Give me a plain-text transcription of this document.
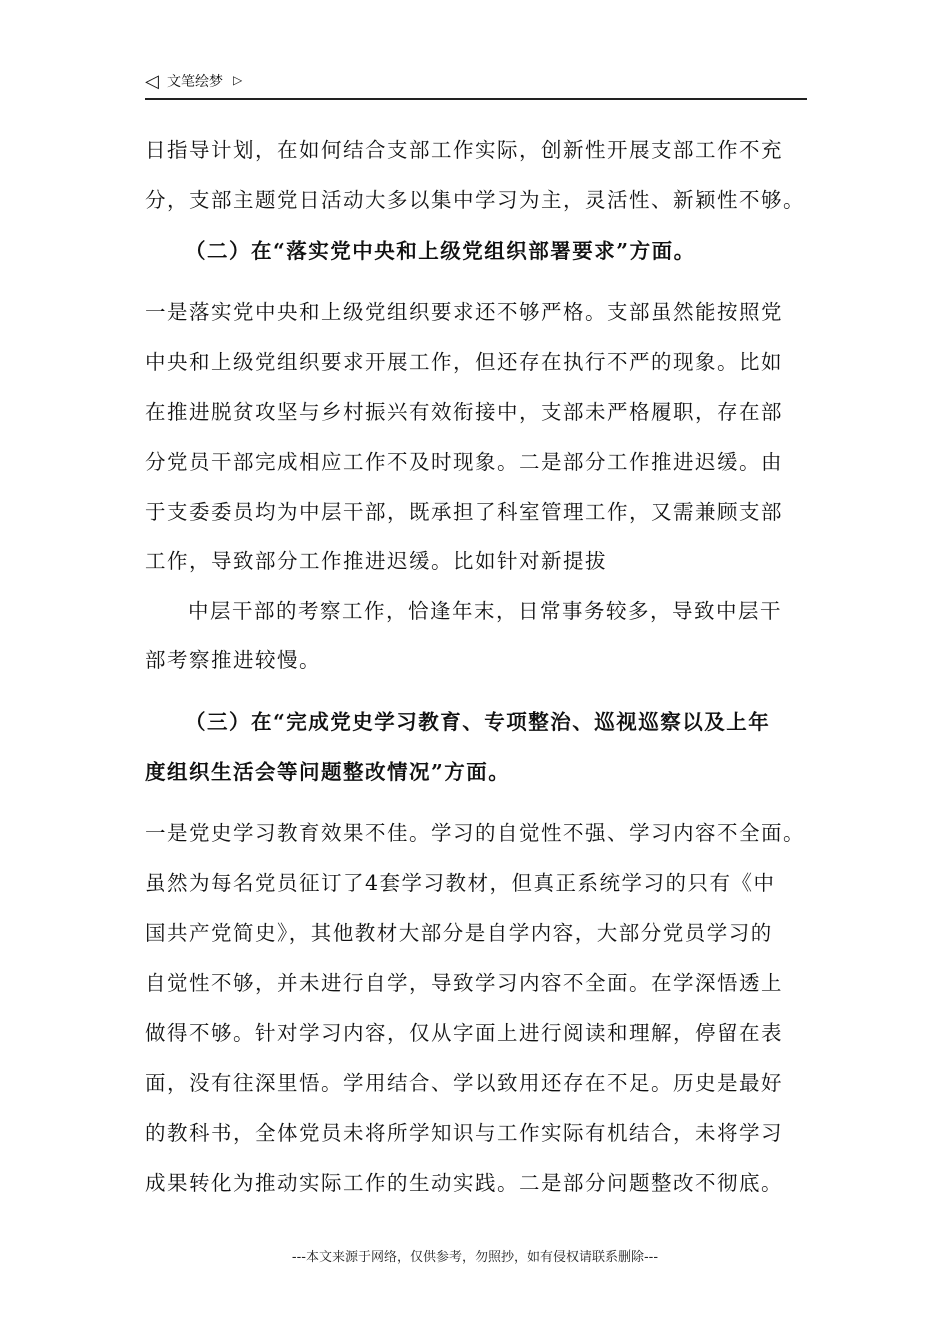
◁ 文笔绘梦 ▷
日指导计划，在如何结合支部工作实际，创新性开展支部工作不充
分，支部主题党日活动大多以集中学习为主，灵活性、新颖性不够。
（二）在“落实党中央和上级党组织部署要求”方面。
一是落实党中央和上级党组织要求还不够严格。支部虽然能按照党
中央和上级党组织要求开展工作，但还存在执行不严的现象。比如
在推进脱贫攻坚与乡村振兴有效衔接中，支部未严格履职，存在部
分党员干部完成相应工作不及时现象。二是部分工作推进迟缓。由
于支委委员均为中层干部，既承担了科室管理工作，又需兼顾支部
工作，导致部分工作推进迟缓。比如针对新提拔
中层干部的考察工作，恰逢年末，日常事务较多，导致中层干
部考察推进较慢。
（三）在“完成党史学习教育、专项整治、巡视巡察以及上年
度组织生活会等问题整改情况”方面。
一是党史学习教育效果不佳。学习的自觉性不强、学习内容不全面。
虽然为每名党员征订了4套学习教材，但真正系统学习的只有《中
国共产党简史》，其他教材大部分是自学内容，大部分党员学习的
自觉性不够，并未进行自学，导致学习内容不全面。在学深悟透上
做得不够。针对学习内容，仅从字面上进行阅读和理解，停留在表
面，没有往深里悟。学用结合、学以致用还存在不足。历史是最好
的教科书，全体党员未将所学知识与工作实际有机结合，未将学习
成果转化为推动实际工作的生动实践。二是部分问题整改不彻底。
---本文来源于网络，仅供参考，勿照抄，如有侵权请联系删除---
